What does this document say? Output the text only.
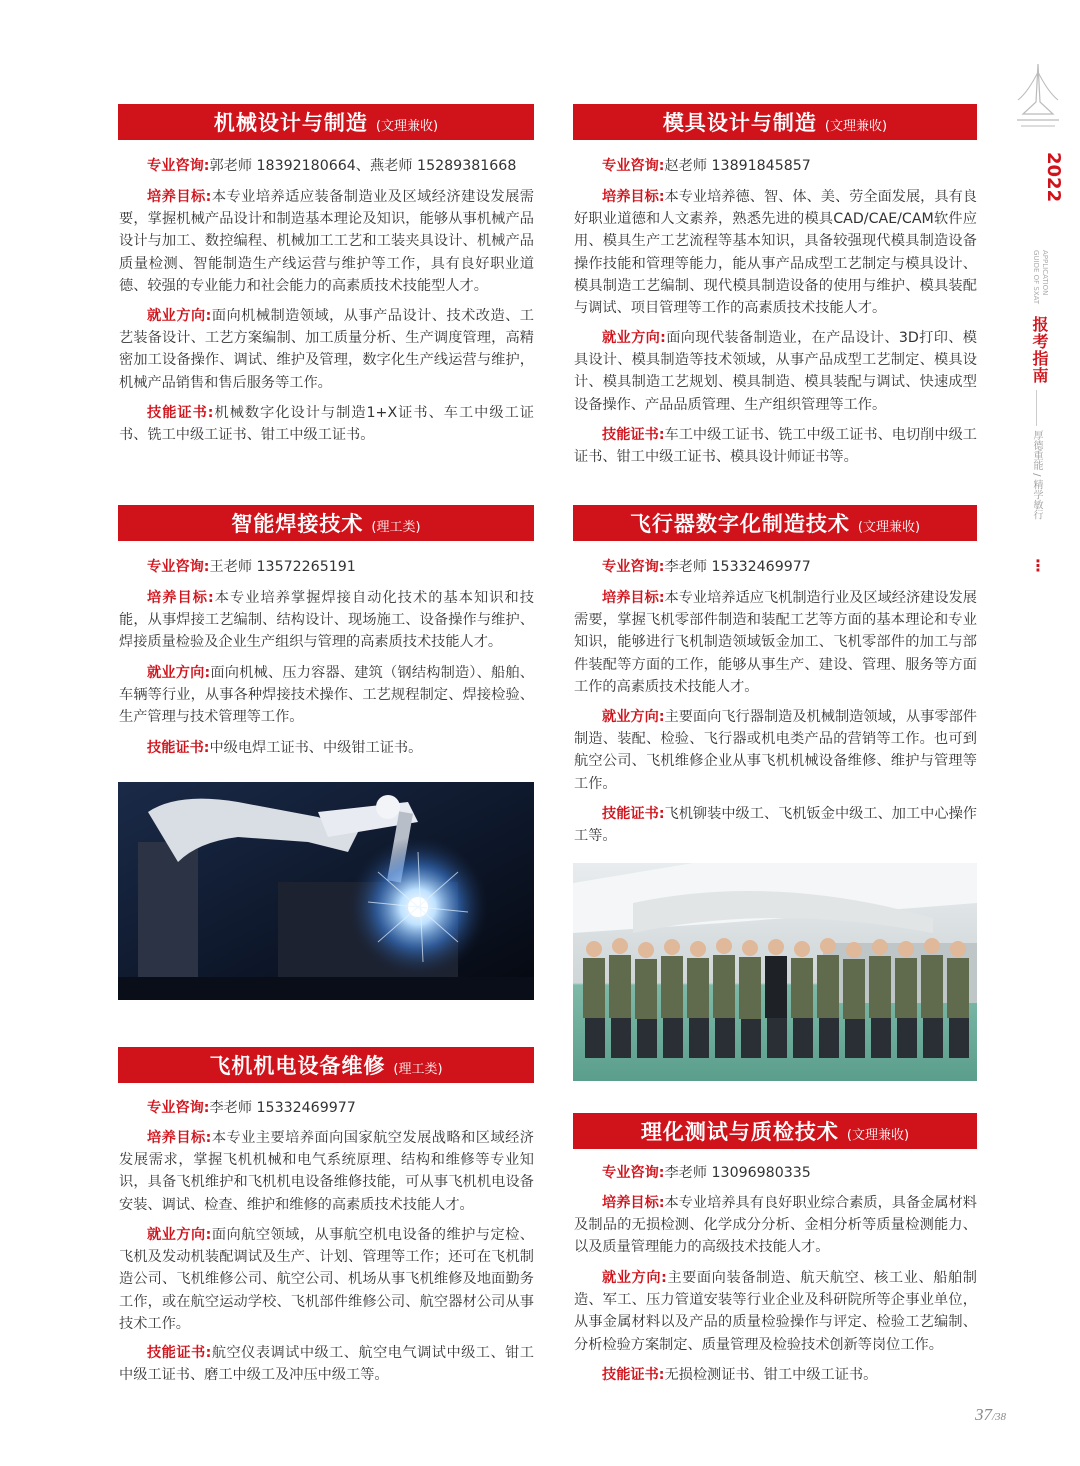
2022
APPLICATION GUIDE OF SXAT
报考指南
厚德重能 / 精学敏行
⋮
机械设计与制造 (文理兼收)
专业咨询:郭老师 18392180664、燕老师 15289381668
培养目标:本专业培养适应装备制造业及区域经济建设发展需要，掌握机械产品设计和制造基本理论及知识，能够从事机械产品设计与加工、数控编程、机械加工工艺和工装夹具设计、机械产品质量检测、智能制造生产线运营与维护等工作，具有良好职业道德、较强的专业能力和社会能力的高素质技术技能型人才。
就业方向:面向机械制造领域，从事产品设计、技术改造、工艺装备设计、工艺方案编制、加工质量分析、生产调度管理，高精密加工设备操作、调试、维护及管理，数字化生产线运营与维护，机械产品销售和售后服务等工作。
技能证书:机械数字化设计与制造1+X证书、车工中级工证书、铣工中级工证书、钳工中级工证书。
智能焊接技术 (理工类)
专业咨询:王老师 13572265191
培养目标:本专业培养掌握焊接自动化技术的基本知识和技能，从事焊接工艺编制、结构设计、现场施工、设备操作与维护、焊接质量检验及企业生产组织与管理的高素质技术技能人才。
就业方向:面向机械、压力容器、建筑（钢结构制造）、船舶、车辆等行业，从事各种焊接技术操作、工艺规程制定、焊接检验、生产管理与技术管理等工作。
技能证书:中级电焊工证书、中级钳工证书。
飞机机电设备维修 (理工类)
专业咨询:李老师 15332469977
培养目标:本专业主要培养面向国家航空发展战略和区域经济发展需求，掌握飞机机械和电气系统原理、结构和维修等专业知识，具备飞机维护和飞机机电设备维修技能，可从事飞机机电设备安装、调试、检查、维护和维修的高素质技术技能人才。
就业方向:面向航空领域，从事航空机电设备的维护与定检、飞机及发动机装配调试及生产、计划、管理等工作；还可在飞机制造公司、飞机维修公司、航空公司、机场从事飞机维修及地面勤务工作，或在航空运动学校、飞机部件维修公司、航空器材公司从事技术工作。
技能证书:航空仪表调试中级工、航空电气调试中级工、钳工中级工证书、磨工中级工及冲压中级工等。
模具设计与制造 (文理兼收)
专业咨询:赵老师 13891845857
培养目标:本专业培养德、智、体、美、劳全面发展，具有良好职业道德和人文素养，熟悉先进的模具CAD/CAE/CAM软件应用、模具生产工艺流程等基本知识，具备较强现代模具制造设备操作技能和管理等能力，能从事产品成型工艺制定与模具设计、模具制造工艺编制、现代模具制造设备的使用与维护、模具装配与调试、项目管理等工作的高素质技术技能人才。
就业方向:面向现代装备制造业，在产品设计、3D打印、模具设计、模具制造等技术领域，从事产品成型工艺制定、模具设计、模具制造工艺规划、模具制造、模具装配与调试、快速成型设备操作、产品品质管理、生产组织管理等工作。
技能证书:车工中级工证书、铣工中级工证书、电切削中级工证书、钳工中级工证书、模具设计师证书等。
飞行器数字化制造技术 (文理兼收)
专业咨询:李老师 15332469977
培养目标:本专业培养适应飞机制造行业及区域经济建设发展需要，掌握飞机零部件制造和装配工艺等方面的基本理论和专业知识，能够进行飞机制造领域钣金加工、飞机零部件的加工与部件装配等方面的工作，能够从事生产、建设、管理、服务等方面工作的高素质技术技能人才。
就业方向:主要面向飞行器制造及机械制造领域，从事零部件制造、装配、检验、飞行器或机电类产品的营销等工作。也可到航空公司、飞机维修企业从事飞机机械设备维修、维护与管理等工作。
技能证书:飞机铆装中级工、飞机钣金中级工、加工中心操作工等。
理化测试与质检技术 (文理兼收)
专业咨询:李老师 13096980335
培养目标:本专业培养具有良好职业综合素质，具备金属材料及制品的无损检测、化学成分分析、金相分析等质量检测能力、以及质量管理能力的高级技术技能人才。
就业方向:主要面向装备制造、航天航空、核工业、船舶制造、军工、压力管道安装等行业企业及科研院所等企事业单位，从事金属材料以及产品的质量检验操作与评定、检验工艺编制、分析检验方案制定、质量管理及检验技术创新等岗位工作。
技能证书:无损检测证书、钳工中级工证书。
37/38
